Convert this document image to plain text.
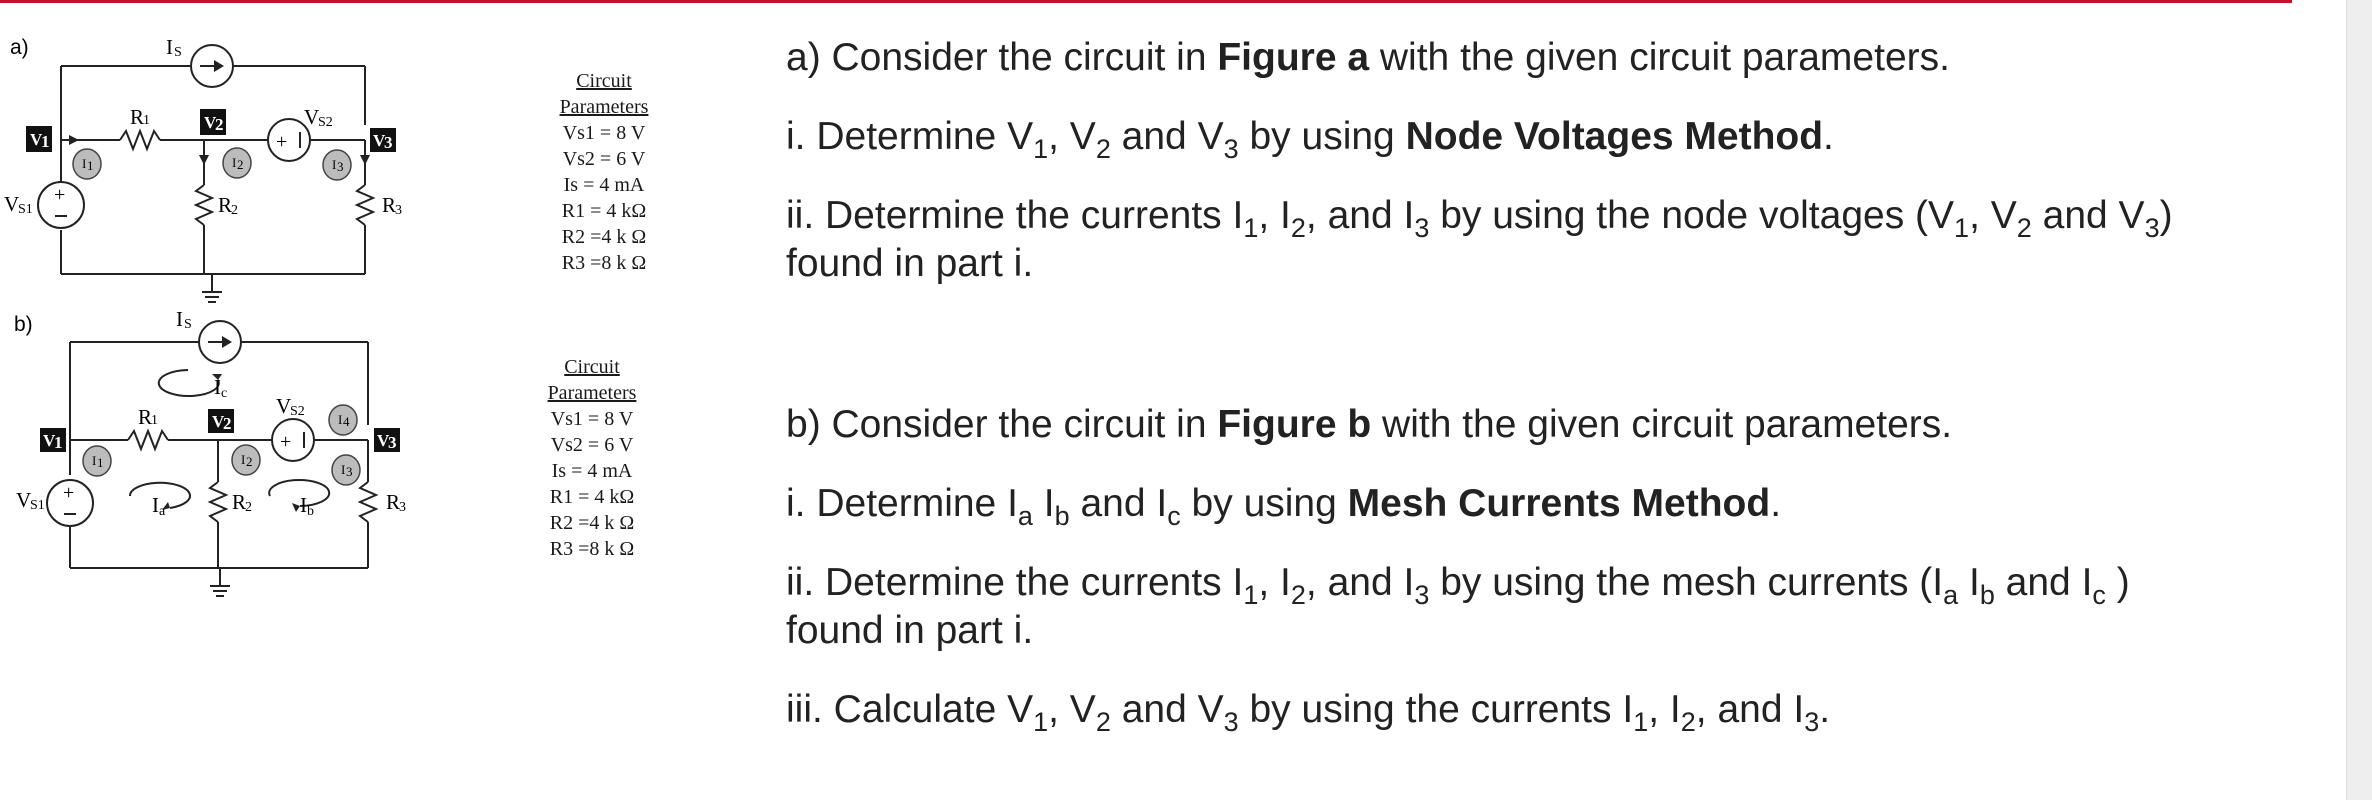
a)	I S
R
1
R
2	R
3
+
V
S2
+
V
S1
V
1
V
2
V
3
I 1	I 2	I 3
b)	I S
R
1
R
2	R
3
+
V
S2
+
V
S1	I a	I b
I c
V
1
V
2
V
3
I 1	I 2
I 3
I 4
Circuit Parameters
Vs1 = 8 V
Vs2 = 6 V
Is = 4 mA
R1 = 4 kΩ
R2 =4 k Ω
R3 =8 k Ω
Circuit Parameters
Vs1 = 8 V
Vs2 = 6 V
Is = 4 mA
R1 = 4 kΩ
R2 =4 k Ω
R3 =8 k Ω

a) Consider the circuit in Figure a with the given circuit parameters.

i. Determine $V_1$, $V_2$ and $V_3$ by using Node Voltages Method.

ii. Determine the currents $I_1$, $I_2$, and $I_3$ by using the node voltages ($V_1$, $V_2$ and $V_3$)

found in part i.

b) Consider the circuit in Figure b with the given circuit parameters.

i. Determine $I_a$ $I_b$ and $I_c$ by using Mesh Currents Method.

ii. Determine the currents $I_1$, $I_2$, and $I_3$ by using the mesh currents ($I_a$ $I_b$ and $I_c$ )

found in part i.

iii. Calculate $V_1$, $V_2$ and $V_3$ by using the currents $I_1$, $I_2$, and $I_3$.
